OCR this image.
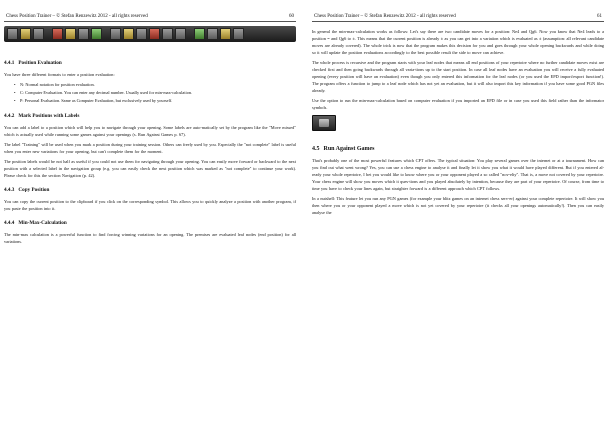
Chess Position Trainer – © Stefan Renzewitz 2012 - all rights reserved	60
4.4.1 Position Evaluation

You have three different formats to enter a position evaluation:

• N: Normal notation for position evaluation.
• C: Computer Evaluation. You can enter any decimal number. Usually used for min-max-calculation.
• P: Personal Evaluation. Same as Computer Evaluation, but exclusively used by yourself.
4.4.2 Mark Positions with Labels

You can add a label to a position which will help you to navigate through your opening. Some labels are auto-matically set by the program like the "Move missed" which is actually used while running some games against your openings (s. Run Against Games p. 67).

The label "Training" will be used when you mark a position during your training session. Others can freely used by you. Especially the "not complete" label is useful when you enter new variations for your opening, but can't complete them for the moment.

The position labels would be not half as useful if you could not use them for navigating through your opening. You can easily move forward or backward to the next position with a selected label in the navigation group (e.g. you can easily check the next position which was marked as "not complete" to continue your work). Please check for this the section Navigation (p. 42).

4.4.3 Copy Position

You can copy the current position to the clipboard if you click on the corresponding symbol. This allows you to quickly analyze a position with another program, if you paste the position into it.

4.4.4 Min-Max-Calculation

The min-max calculation is a powerful function to find forcing winning variations for an opening. The premises are evaluated leaf nodes (end position) for all variations.

Chess Position Trainer – © Stefan Renzewitz 2012 - all rights reserved	61

In general the min-max-calculation works as follows: Let's say there are two candidate moves for a position: Ne4 and Qg6. Now you know that Ne4 leads to a position = and Qg6 to ±. This means that the current position is already ± as you can get into a variation which is evaluated as ± (assumption: all relevant candidate moves are already covered). The whole trick is now that the program makes this decision for you and goes through your whole opening backwards and while doing so it will update the position evaluations accordingly to the best possible result the side to move can achieve.

The whole process is recursive and the program starts with your leaf nodes that means all end positions of your repertoire where no further candidate moves exist are checked first and then going backwards through all varia-tions up to the start position. In case all leaf nodes have an evaluation you will receive a fully evaluated opening (every position will have an evaluation) even though you only entered this information for the leaf nodes (or you used the EPD import/export function!). The program offers a function to jump to a leaf node which has not yet an evaluation, but it will also import this key information if you have some good PGN files already.

Use the option to run the min-max-calculation based on computer evaluation if you imported an EPD file or in case you used this field rather than the informator symbols.

4.5 Run Against Games

That's probably one of the most powerful features which CPT offers. The typical situation: You play several games over the internet or at a tournament. How can you find out what went wrong? Yes, you can use a chess engine to analyse it and finally let it show you what it would have played different. But if you entered al-ready your whole repertoire, I bet you would like to know where you or your opponent played a so called "nov-elty". That is, a move not covered by your repertoire. Your chess engine will show you moves which it ques-tions and you played absolutely by intention, because they are part of your repertoire. Of course, from time to time you have to check your lines again, but straighter forward is a different approach which CPT follows.

In a nutshell: This feature let you run any PGN games (for example your blitz games on an internet chess serv-er) against your complete repertoire. It will show you then where you or your opponent played a move which is not yet covered by your repertoire (it checks all your openings automatically!). Then you can easily analyse the
